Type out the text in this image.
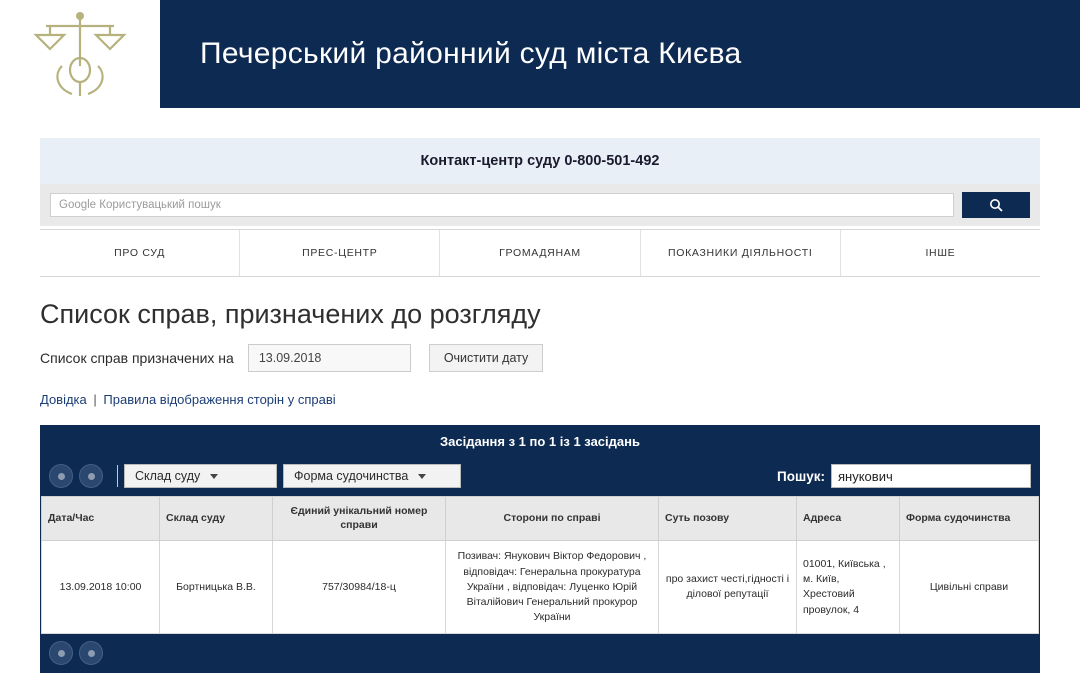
Печерський районний суд міста Києва
Контакт-центр суду 0-800-501-492
Google Користувацький пошук
ПРО СУД	ПРЕС-ЦЕНТР	ГРОМАДЯНАМ	ПОКАЗНИКИ ДІЯЛЬНОСТІ	ІНШЕ
Список справ, призначених до розгляду
Список справ призначених на
13.09.2018	Очистити дату
Довідка | Правила відображення сторін у справі
Засідання з 1 по 1 із 1 засідань
Склад суду	Форма судочинства	Пошук:
янукович
Дата/Час	Склад суду	Єдиний унікальний номер справи	Сторони по справі	Суть позову	Адреса	Форма судочинства
13.09.2018 10:00	Бортницька В.В.	757/30984/18-ц	Позивач: Янукович Віктор Федорович , відповідач: Генеральна прокуратура України , відповідач: Луценко Юрій Віталійович Генеральний прокурор України	про захист честі,гідності і ділової репутації	01001, Київська , м. Київ, Хрестовий провулок, 4	Цивільні справи
